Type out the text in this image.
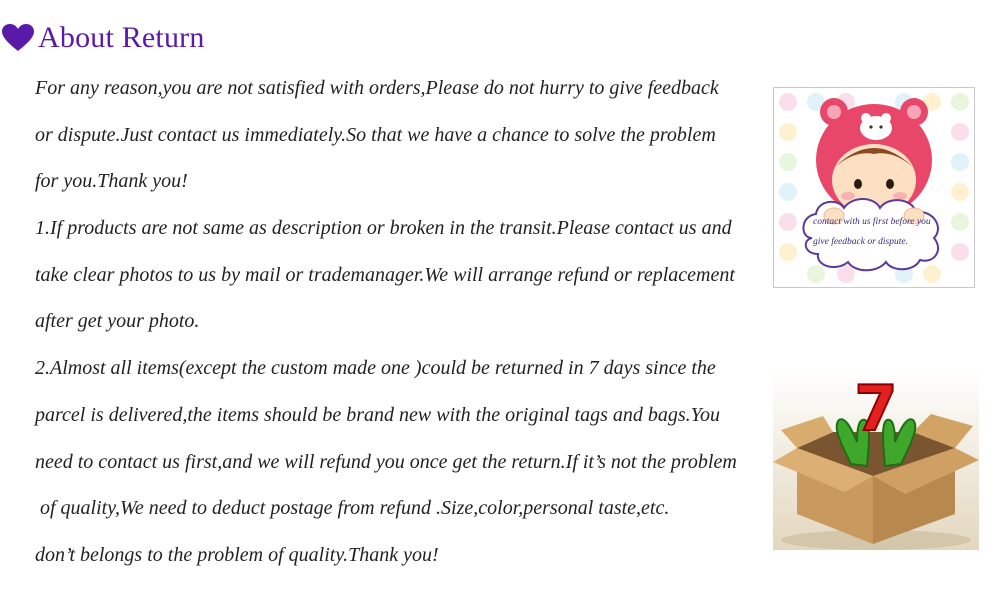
About Return
For any reason,you are not satisfied with orders,Please do not hurry to give feedback
or dispute.Just contact us immediately.So that we have a chance to solve the problem
for you.Thank you!
1.If products are not same as description or broken in the transit.Please contact us and
take clear photos to us by mail or trademanager.We will arrange refund or replacement
after get your photo.
2.Almost all items(except the custom made one )could be returned in 7 days since the
parcel is delivered,the items should be brand new with the original tags and bags.You
need to contact us first,and we will refund you once get the return.If it’s not the problem
of quality,We need to deduct postage from refund .Size,color,personal taste,etc.
don’t belongs to the problem of quality.Thank you!
contact with us first before you
give feedback or dispute.
7
